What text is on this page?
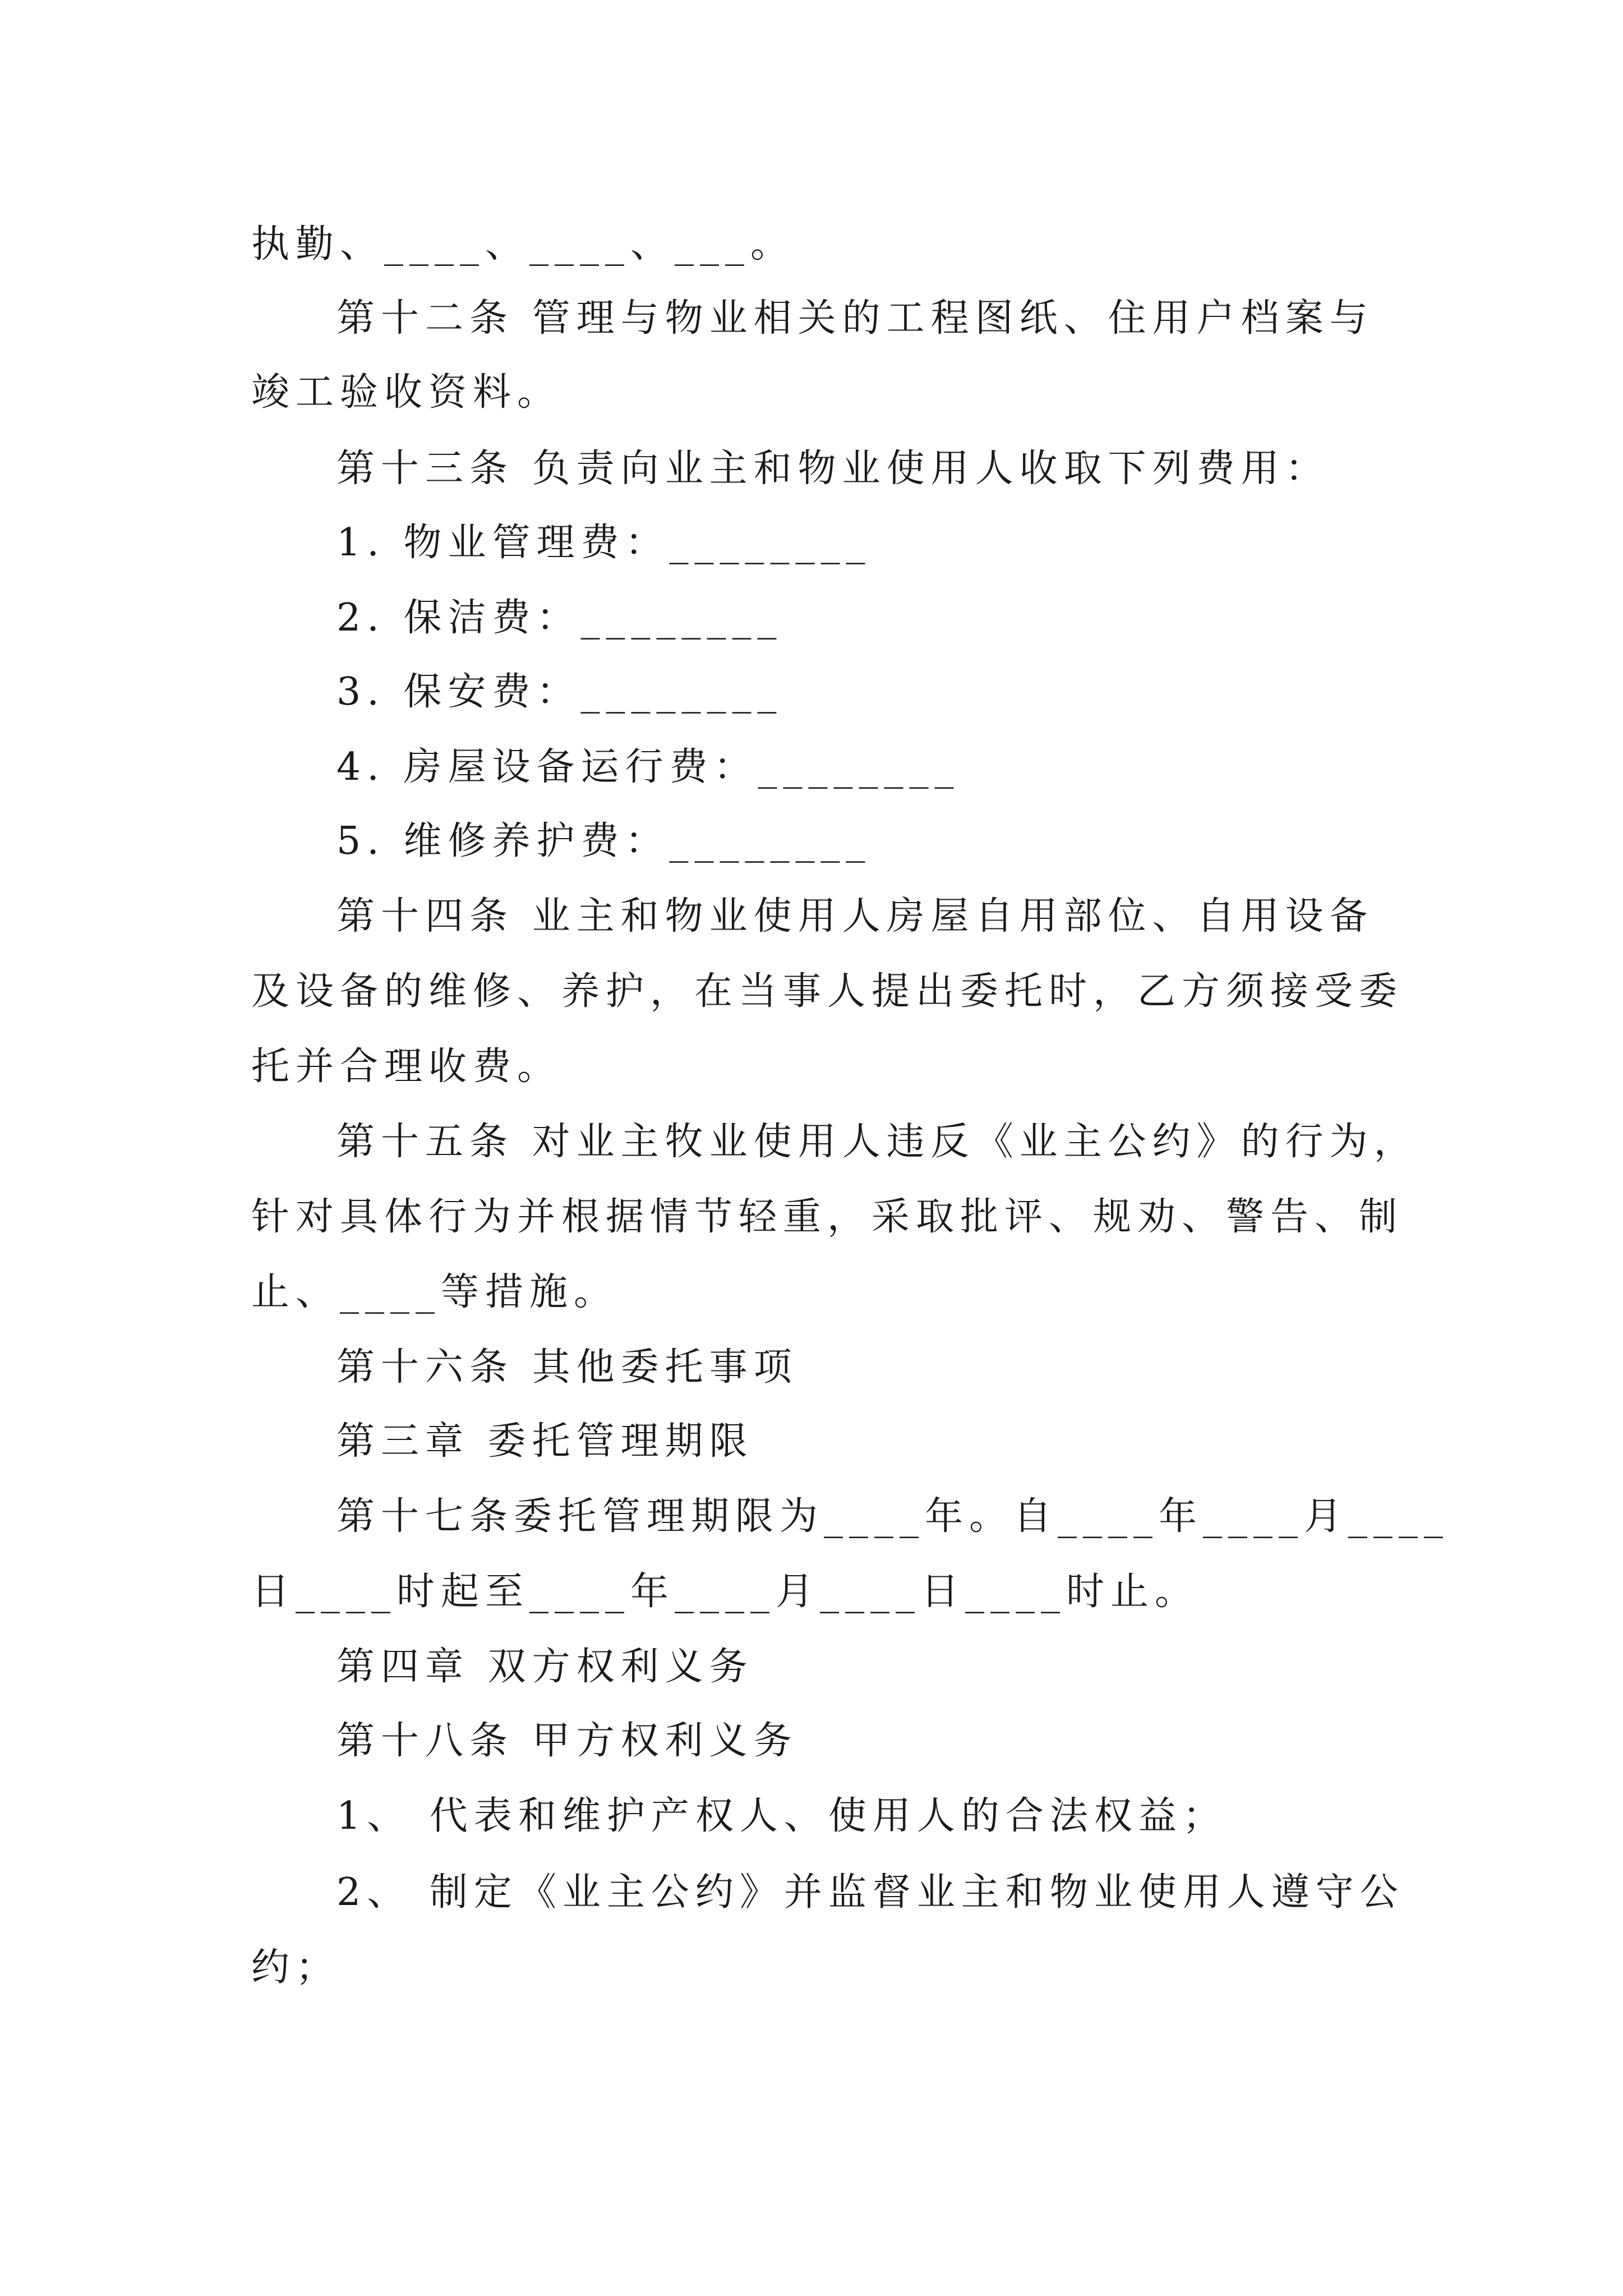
执勤、____、____、___。
第十二条 管理与物业相关的工程图纸、住用户档案与
竣工验收资料。
第十三条 负责向业主和物业使用人收取下列费用：
1. 物业管理费：________
2. 保洁费：________
3. 保安费：________
4. 房屋设备运行费：________
5. 维修养护费：________
第十四条 业主和物业使用人房屋自用部位、自用设备
及设备的维修、养护，在当事人提出委托时，乙方须接受委
托并合理收费。
第十五条 对业主牧业使用人违反《业主公约》的行为，
针对具体行为并根据情节轻重，采取批评、规劝、警告、制
止、____等措施。
第十六条 其他委托事项
第三章 委托管理期限
第十七条委托管理期限为____年。自____年____月____
日____时起至____年____月____日____时止。
第四章 双方权利义务
第十八条 甲方权利义务
1、 代表和维护产权人、使用人的合法权益；
2、 制定《业主公约》并监督业主和物业使用人遵守公
约；
